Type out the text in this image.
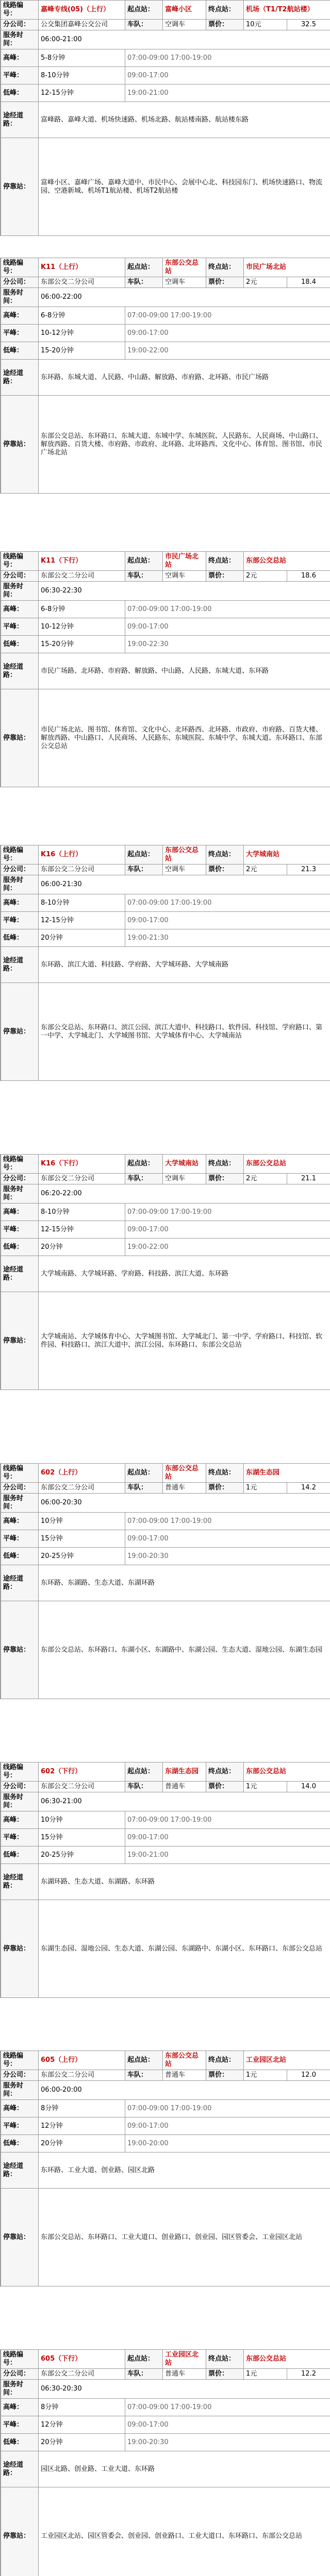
线路编号：	嘉峰专线(05)（上行）	起点站：	富峰小区	终点站：	机场（T1/T2航站楼）	
分公司：	公交集团嘉峰公交公司	车队：	空调车	票价：	10元	32.5
服务时间：	06:00-21:00					
高峰：	5-8分钟	07:00-09:00 17:00-19:00				
平峰：	8-10分钟	09:00-17:00				
低峰：	12-15分钟	19:00-21:00				
途经道路：	富峰路、嘉峰大道、机场快速路、机场北路、航站楼南路、航站楼东路					
停靠站：	富峰小区、嘉峰广场、嘉峰大道中、市民中心、会展中心北、科技园东门、机场快速路口、物流园、空港新城、机场T1航站楼、机场T2航站楼					
线路编号：	K11（上行）	起点站：	东部公交总站	终点站：	市民广场北站	
分公司：	东部公交二分公司	车队：	空调车	票价：	2元	18.4
服务时间：	06:00-22:00					
高峰：	6-8分钟	07:00-09:00 17:00-19:00				
平峰：	10-12分钟	09:00-17:00				
低峰：	15-20分钟	19:00-22:00				
途经道路：	东环路、东城大道、人民路、中山路、解放路、市府路、北环路、市民广场路					
停靠站：	东部公交总站、东环路口、东城大道、东城中学、东城医院、人民路东、人民商场、中山路口、解放西路、百货大楼、市府路、市政府、北环路、北环路西、文化中心、体育馆、图书馆、市民广场北站					
线路编号：	K11（下行）	起点站：	市民广场北站	终点站：	东部公交总站	
分公司：	东部公交二分公司	车队：	空调车	票价：	2元	18.6
服务时间：	06:30-22:30					
高峰：	6-8分钟	07:00-09:00 17:00-19:00				
平峰：	10-12分钟	09:00-17:00				
低峰：	15-20分钟	19:00-22:30				
途经道路：	市民广场路、北环路、市府路、解放路、中山路、人民路、东城大道、东环路					
停靠站：	市民广场北站、图书馆、体育馆、文化中心、北环路西、北环路、市政府、市府路、百货大楼、解放西路、中山路口、人民商场、人民路东、东城医院、东城中学、东城大道、东环路口、东部公交总站					
线路编号：	K16（上行）	起点站：	东部公交总站	终点站：	大学城南站	
分公司：	东部公交二分公司	车队：	空调车	票价：	2元	21.3
服务时间：	06:00-21:30					
高峰：	8-10分钟	07:00-09:00 17:00-19:00				
平峰：	12-15分钟	09:00-17:00				
低峰：	20分钟	19:00-21:30				
途经道路：	东环路、滨江大道、科技路、学府路、大学城环路、大学城南路					
停靠站：	东部公交总站、东环路口、滨江公园、滨江大道中、科技路口、软件园、科技馆、学府路口、第一中学、大学城北门、大学城图书馆、大学城体育中心、大学城南站					
线路编号：	K16（下行）	起点站：	大学城南站	终点站：	东部公交总站	
分公司：	东部公交二分公司	车队：	空调车	票价：	2元	21.1
服务时间：	06:20-22:00					
高峰：	8-10分钟	07:00-09:00 17:00-19:00				
平峰：	12-15分钟	09:00-17:00				
低峰：	20分钟	19:00-22:00				
途经道路：	大学城南路、大学城环路、学府路、科技路、滨江大道、东环路					
停靠站：	大学城南站、大学城体育中心、大学城图书馆、大学城北门、第一中学、学府路口、科技馆、软件园、科技路口、滨江大道中、滨江公园、东环路口、东部公交总站					
线路编号：	602（上行）	起点站：	东部公交总站	终点站：	东湖生态园	
分公司：	东部公交二分公司	车队：	普通车	票价：	1元	14.2
服务时间：	06:00-20:30					
高峰：	10分钟	07:00-09:00 17:00-19:00				
平峰：	15分钟	09:00-17:00				
低峰：	20-25分钟	19:00-20:30				
途经道路：	东环路、东湖路、生态大道、东湖环路					
停靠站：	东部公交总站、东环路口、东湖小区、东湖路中、东湖公园、生态大道、湿地公园、东湖生态园					
线路编号：	602（下行）	起点站：	东湖生态园	终点站：	东部公交总站	
分公司：	东部公交二分公司	车队：	普通车	票价：	1元	14.0
服务时间：	06:30-21:00					
高峰：	10分钟	07:00-09:00 17:00-19:00				
平峰：	15分钟	09:00-17:00				
低峰：	20-25分钟	19:00-21:00				
途经道路：	东湖环路、生态大道、东湖路、东环路					
停靠站：	东湖生态园、湿地公园、生态大道、东湖公园、东湖路中、东湖小区、东环路口、东部公交总站					
线路编号：	605（上行）	起点站：	东部公交总站	终点站：	工业园区北站	
分公司：	东部公交二分公司	车队：	普通车	票价：	1元	12.0
服务时间：	06:00-20:00					
高峰：	8分钟	07:00-09:00 17:00-19:00				
平峰：	12分钟	09:00-17:00				
低峰：	20分钟	19:00-20:00				
途经道路：	东环路、工业大道、创业路、园区北路					
停靠站：	东部公交总站、东环路口、工业大道口、创业路口、创业园、园区管委会、工业园区北站					
线路编号：	605（下行）	起点站：	工业园区北站	终点站：	东部公交总站	
分公司：	东部公交二分公司	车队：	普通车	票价：	1元	12.2
服务时间：	06:30-20:30					
高峰：	8分钟	07:00-09:00 17:00-19:00				
平峰：	12分钟	09:00-17:00				
低峰：	20分钟	19:00-20:30				
途经道路：	园区北路、创业路、工业大道、东环路					
停靠站：	工业园区北站、园区管委会、创业园、创业路口、工业大道口、东环路口、东部公交总站					
